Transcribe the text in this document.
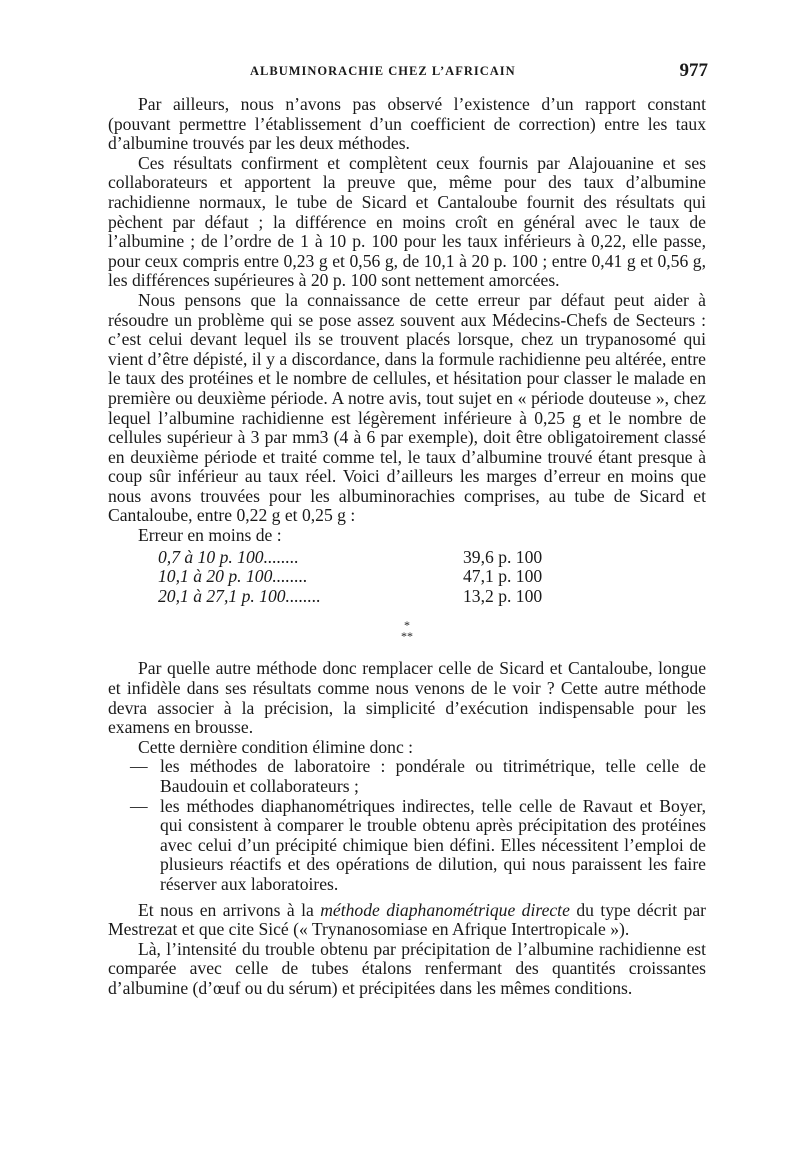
ALBUMINORACHIE CHEZ L’AFRICAIN	977

Par ailleurs, nous n’avons pas observé l’existence d’un rapport constant (pouvant permettre l’établissement d’un coefficient de correction) entre les taux d’albumine trouvés par les deux méthodes.

Ces résultats confirment et complètent ceux fournis par Alajouanine et ses collaborateurs et apportent la preuve que, même pour des taux d’albumine rachidienne normaux, le tube de Sicard et Cantaloube fournit des résultats qui pèchent par défaut ; la différence en moins croît en général avec le taux de l’albumine ; de l’ordre de 1 à 10 p. 100 pour les taux inférieurs à 0,22, elle passe, pour ceux compris entre 0,23 g et 0,56 g, de 10,1 à 20 p. 100 ; entre 0,41 g et 0,56 g, les différences supérieures à 20 p. 100 sont nettement amorcées.

Nous pensons que la connaissance de cette erreur par défaut peut aider à résoudre un problème qui se pose assez souvent aux Médecins-Chefs de Secteurs : c’est celui devant lequel ils se trouvent placés lorsque, chez un trypanosomé qui vient d’être dépisté, il y a discordance, dans la formule rachidienne peu altérée, entre le taux des protéines et le nombre de cellules, et hésitation pour classer le malade en première ou deuxième période. A notre avis, tout sujet en « période douteuse », chez lequel l’albumine rachidienne est légèrement inférieure à 0,25 g et le nombre de cellules supérieur à 3 par mm3 (4 à 6 par exemple), doit être obligatoirement classé en deuxième période et traité comme tel, le taux d’albumine trouvé étant presque à coup sûr inférieur au taux réel. Voici d’ailleurs les marges d’erreur en moins que nous avons trouvées pour les albuminorachies comprises, au tube de Sicard et Cantaloube, entre 0,22 g et 0,25 g :

Erreur en moins de :

0,7 à 10 p. 100........	39,6 p. 100
10,1 à 20 p. 100........	47,1 p. 100
20,1 à 27,1 p. 100........	13,2 p. 100
*
**

Par quelle autre méthode donc remplacer celle de Sicard et Cantaloube, longue et infidèle dans ses résultats comme nous venons de le voir ? Cette autre méthode devra associer à la précision, la simplicité d’exécution indispensable pour les examens en brousse.

Cette dernière condition élimine donc :

— les méthodes de laboratoire : pondérale ou titrimétrique, telle celle de Baudouin et collaborateurs ;
— les méthodes diaphanométriques indirectes, telle celle de Ravaut et Boyer, qui consistent à comparer le trouble obtenu après précipitation des protéines avec celui d’un précipité chimique bien défini. Elles nécessitent l’emploi de plusieurs réactifs et des opérations de dilution, qui nous paraissent les faire réserver aux laboratoires.

Et nous en arrivons à la méthode diaphanométrique directe du type décrit par Mestrezat et que cite Sicé (« Trynanosomiase en Afrique Intertropicale »).

Là, l’intensité du trouble obtenu par précipitation de l’albumine rachidienne est comparée avec celle de tubes étalons renfermant des quantités croissantes d’albumine (d’œuf ou du sérum) et précipitées dans les mêmes conditions.
